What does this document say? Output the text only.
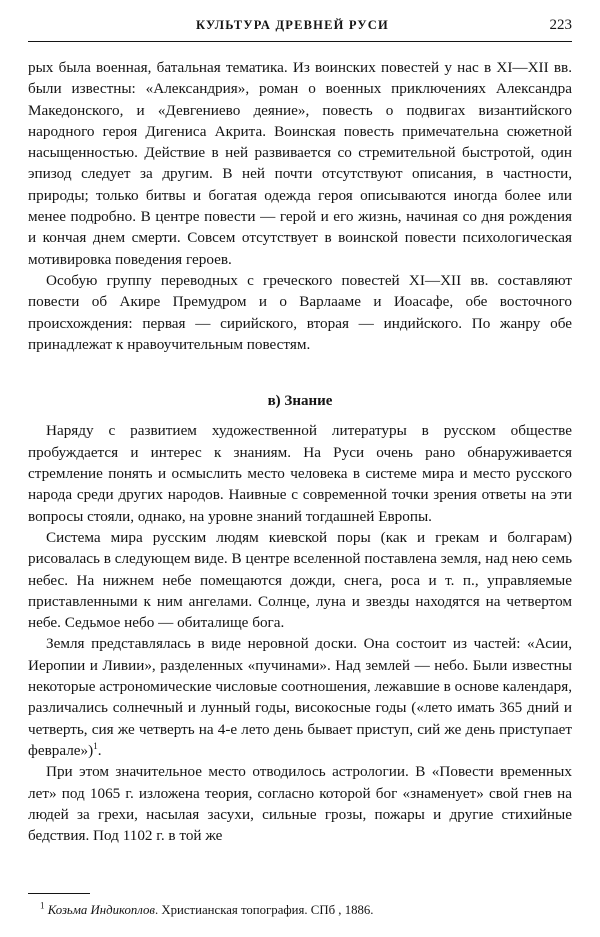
КУЛЬТУРА ДРЕВНЕЙ РУСИ	223

рых была военная, батальная тематика. Из воинских повестей у нас в XI—XII вв. были известны: «Александрия», роман о военных приключениях Александра Македонского, и «Девгениево деяние», повесть о подвигах византийского народного героя Дигениса Акрита. Воинская повесть примечательна сюжетной насыщенностью. Действие в ней развивается со стремительной быстротой, один эпизод следует за другим. В ней почти отсутствуют описания, в частности, природы; только битвы и богатая одежда героя описываются иногда более или менее подробно. В центре повести — герой и его жизнь, начиная со дня рождения и кончая днем смерти. Совсем отсутствует в воинской повести психологическая мотивировка поведения героев.

Особую группу переводных с греческого повестей XI—XII вв. составляют повести об Акире Премудром и о Варлааме и Иоасафе, обе восточного происхождения: первая — сирийского, вторая — индийского. По жанру обе принадлежат к нравоучительным повестям.

в) Знание

Наряду с развитием художественной литературы в русском обществе пробуждается и интерес к знаниям. На Руси очень рано обнаруживается стремление понять и осмыслить место человека в системе мира и место русского народа среди других народов. Наивные с современной точки зрения ответы на эти вопросы стояли, однако, на уровне знаний тогдашней Европы.

Система мира русским людям киевской поры (как и грекам и болгарам) рисовалась в следующем виде. В центре вселенной поставлена земля, над нею семь небес. На нижнем небе помещаются дожди, снега, роса и т. п., управляемые приставленными к ним ангелами. Солнце, луна и звезды находятся на четвертом небе. Седьмое небо — обиталище бога.

Земля представлялась в виде неровной доски. Она состоит из частей: «Асии, Иеропии и Ливии», разделенных «пучинами». Над землей — небо. Были известны некоторые астрономические числовые соотношения, лежавшие в основе календаря, различались солнечный и лунный годы, високосные годы («лето имать 365 дний и четверть, сия же четверть на 4-е лето день бывает приступ, сий же день приступает феврале»)$^1$.

При этом значительное место отводилось астрологии. В «Повести временных лет» под 1065 г. изложена теория, согласно которой бог «знаменует» свой гнев на людей за грехи, насылая засухи, сильные грозы, пожары и другие стихийные бедствия. Под 1102 г. в той же

$^1$ Козьма Индикоплов. Христианская топография. СПб , 1886.
